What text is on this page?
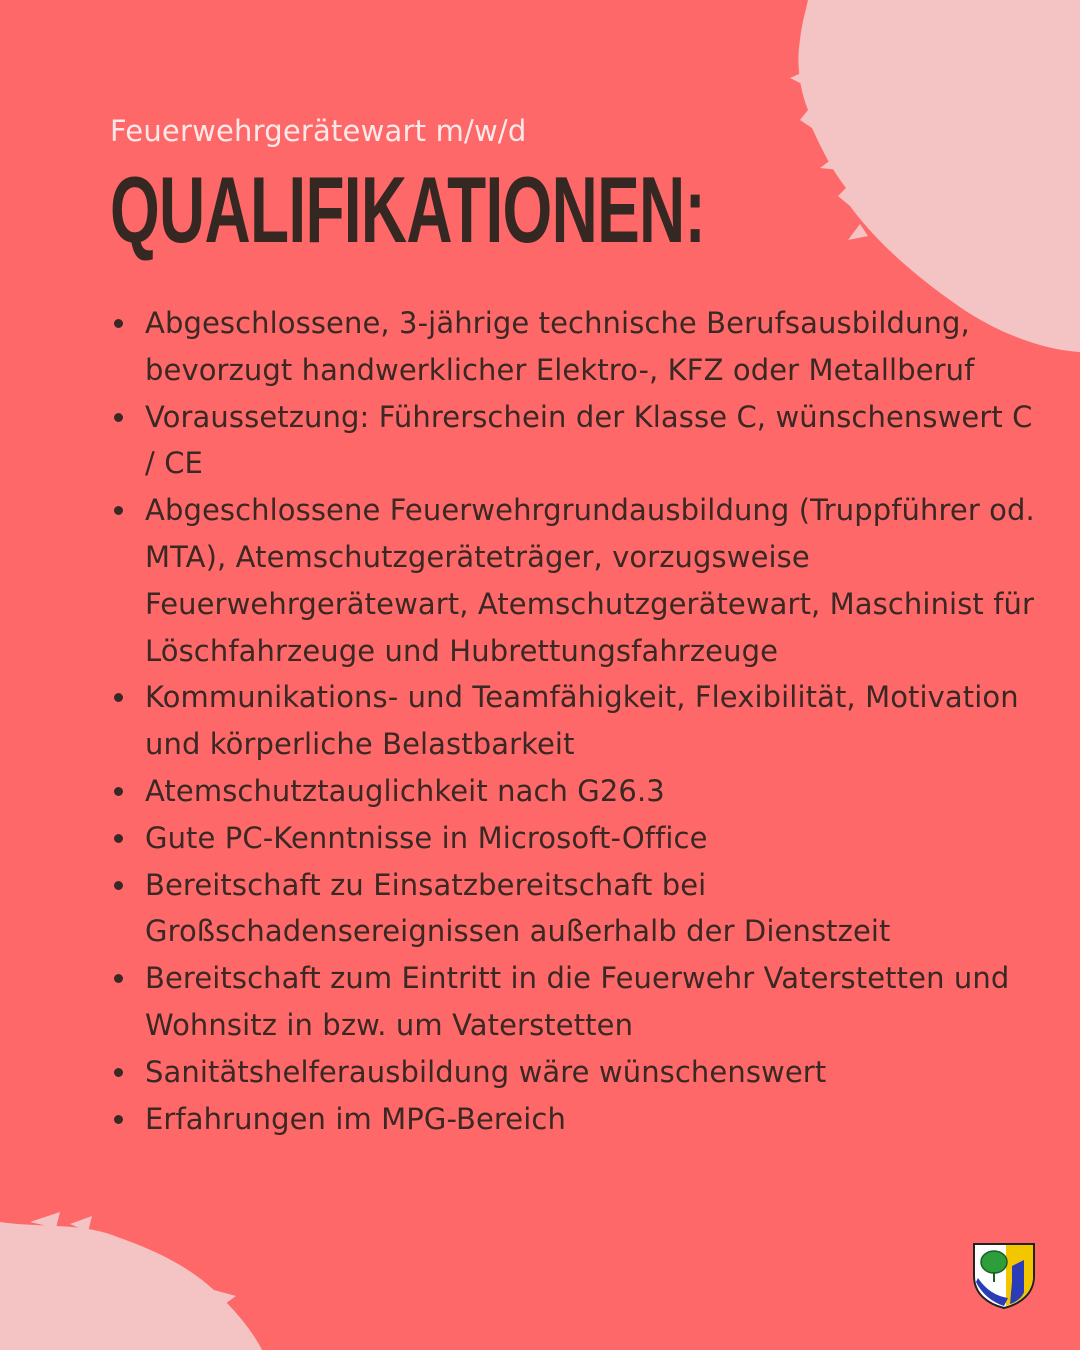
Feuerwehrgerätewart m/w/d

QUALIFIKATIONEN:
Abgeschlossene, 3-jährige technische Berufsausbildung, bevorzugt handwerklicher Elektro-, KFZ oder Metallberuf
Voraussetzung: Führerschein der Klasse C, wünschenswert C / CE
Abgeschlossene Feuerwehrgrundausbildung (Truppführer od. MTA), Atemschutzgeräteträger, vorzugsweise Feuerwehrgerätewart, Atemschutzgerätewart, Maschinist für Löschfahrzeuge und Hubrettungsfahrzeuge
Kommunikations- und Teamfähigkeit, Flexibilität, Motivation und körperliche Belastbarkeit
Atemschutztauglichkeit nach G26.3
Gute PC-Kenntnisse in Microsoft-Office
Bereitschaft zu Einsatzbereitschaft bei Großschadensereignissen außerhalb der Dienstzeit
Bereitschaft zum Eintritt in die Feuerwehr Vaterstetten und Wohnsitz in bzw. um Vaterstetten
Sanitätshelferausbildung wäre wünschenswert
Erfahrungen im MPG-Bereich
